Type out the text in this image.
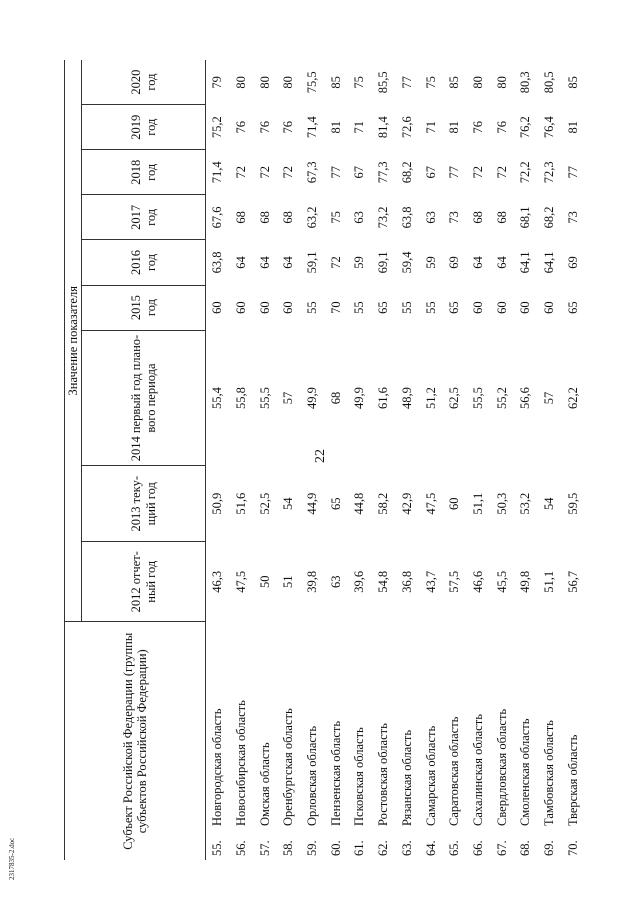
22
2317835-2.doc
Субъект Российской Федерации (группы субъектов Российской Федерации)		Значение показателя								
		2012 отчет-ный год	2013 теку-щий год	2014 первый год плано-вого периода	2015 год	2016 год	2017 год	2018 год	2019 год	2020 год
55.	Новгородская область	46,3	50,9	55,4	60	63,8	67,6	71,4	75,2	79
56.	Новосибирская область	47,5	51,6	55,8	60	64	68	72	76	80
57.	Омская область	50	52,5	55,5	60	64	68	72	76	80
58.	Оренбургская область	51	54	57	60	64	68	72	76	80
59.	Орловская область	39,8	44,9	49,9	55	59,1	63,2	67,3	71,4	75,5
60.	Пензенская область	63	65	68	70	72	75	77	81	85
61.	Псковская область	39,6	44,8	49,9	55	59	63	67	71	75
62.	Ростовская область	54,8	58,2	61,6	65	69,1	73,2	77,3	81,4	85,5
63.	Рязанская область	36,8	42,9	48,9	55	59,4	63,8	68,2	72,6	77
64.	Самарская область	43,7	47,5	51,2	55	59	63	67	71	75
65.	Саратовская область	57,5	60	62,5	65	69	73	77	81	85
66.	Сахалинская область	46,6	51,1	55,5	60	64	68	72	76	80
67.	Свердловская область	45,5	50,3	55,2	60	64	68	72	76	80
68.	Смоленская область	49,8	53,2	56,6	60	64,1	68,1	72,2	76,2	80,3
69.	Тамбовская область	51,1	54	57	60	64,1	68,2	72,3	76,4	80,5
70.	Тверская область	56,7	59,5	62,2	65	69	73	77	81	85
